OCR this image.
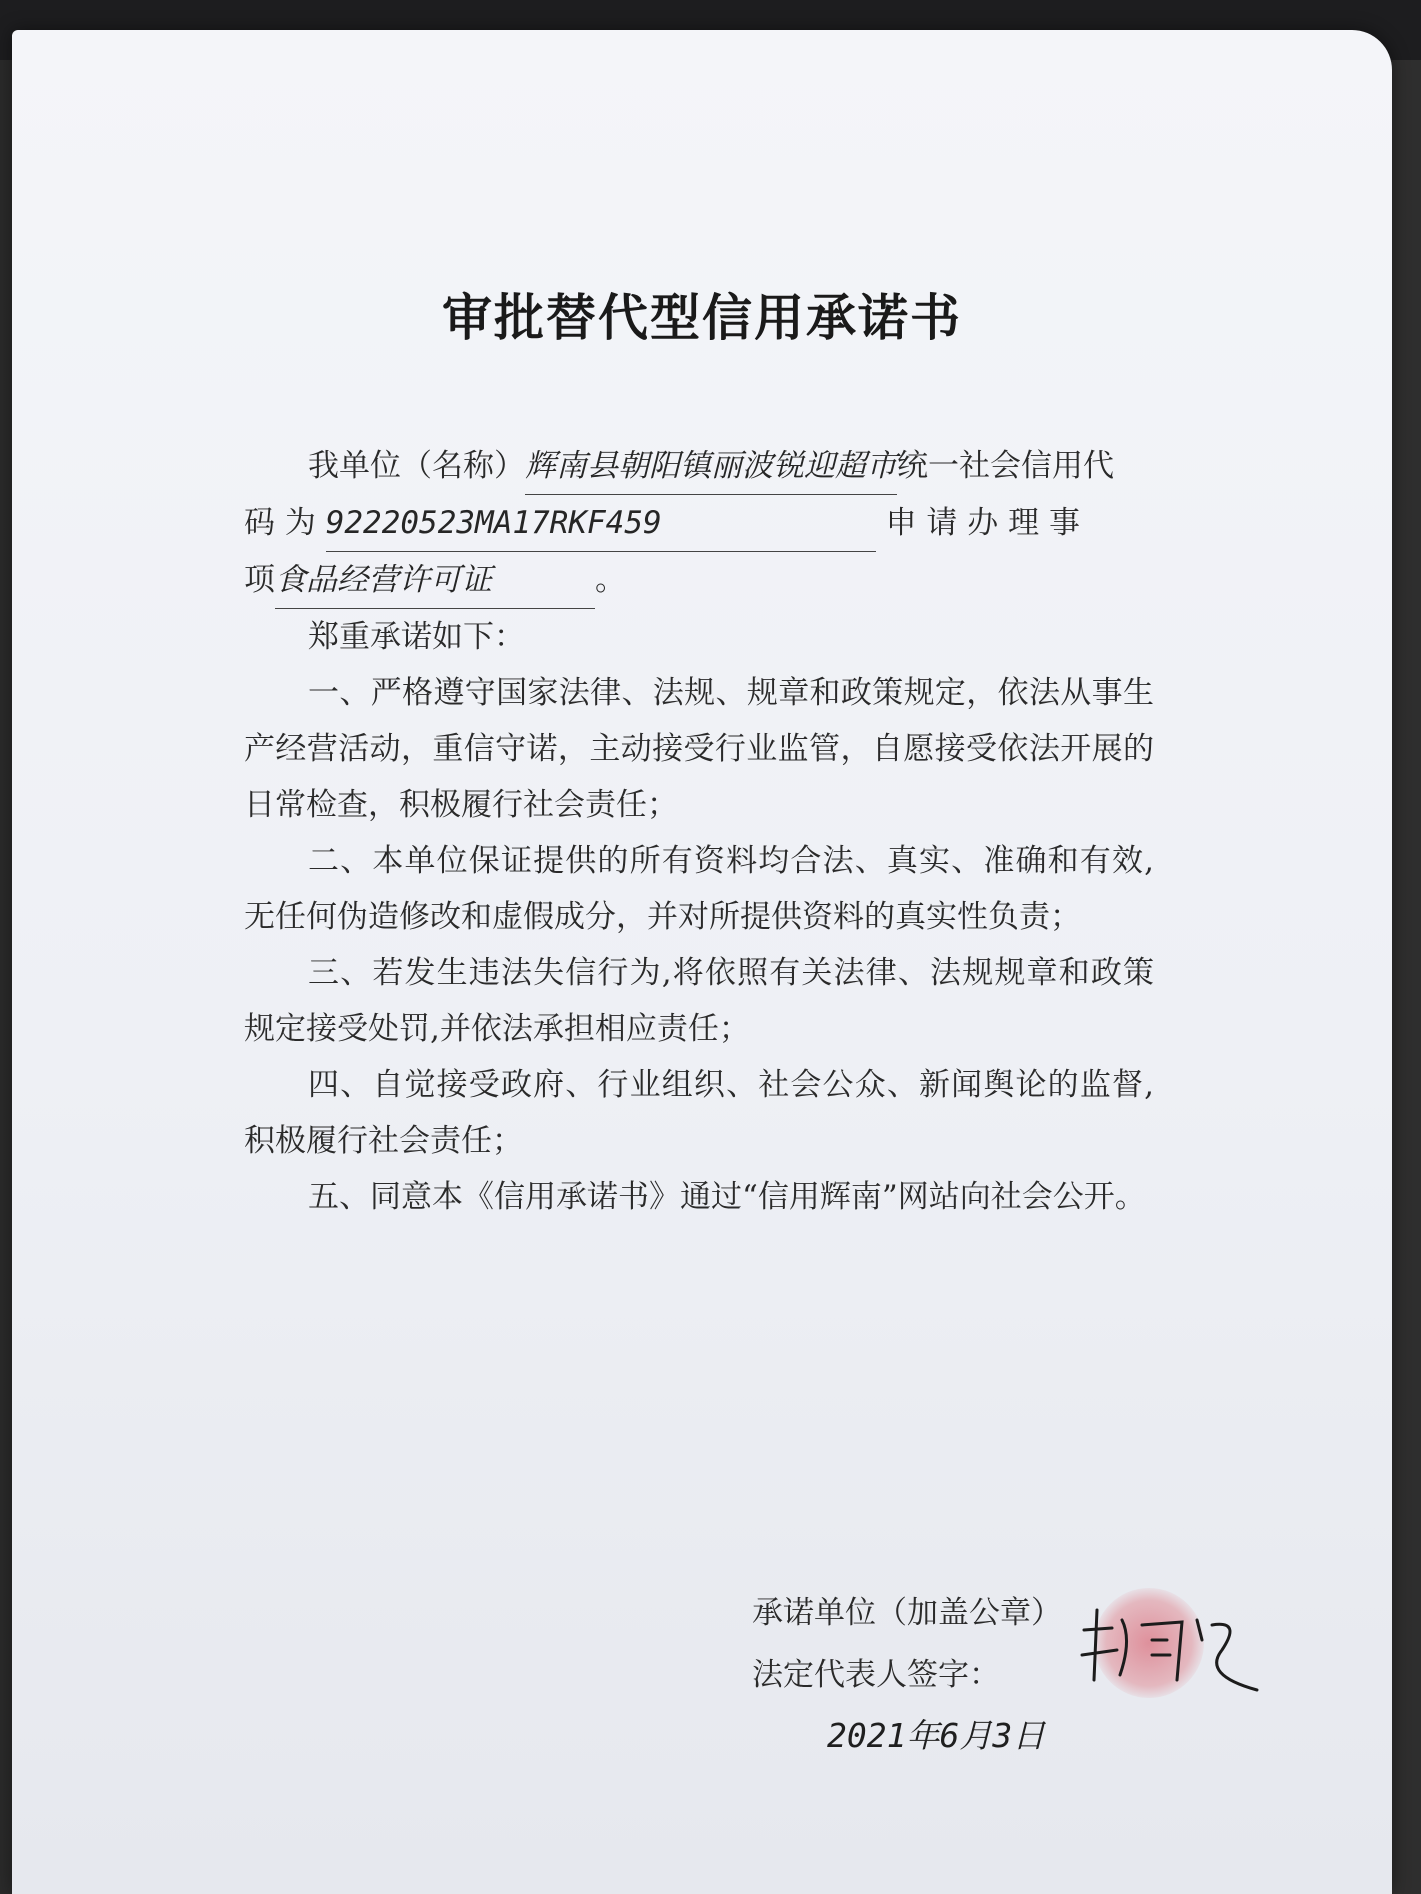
审批替代型信用承诺书

我单位（名称）辉南县朝阳镇丽波锐迎超市统一社会信用代

码 为 92220523MA17RKF459	申 请 办 理 事

项食品经营许可证	。

郑重承诺如下：

一、严格遵守国家法律、法规、规章和政策规定，依法从事生产经营活动，重信守诺，主动接受行业监管，自愿接受依法开展的日常检查，积极履行社会责任；

二、本单位保证提供的所有资料均合法、真实、准确和有效,无任何伪造修改和虚假成分，并对所提供资料的真实性负责；

三、若发生违法失信行为,将依照有关法律、法规规章和政策规定接受处罚,并依法承担相应责任；

四、自觉接受政府、行业组织、社会公众、新闻舆论的监督,积极履行社会责任；

五、同意本《信用承诺书》通过“信用辉南”网站向社会公开。

承诺单位（加盖公章）
法定代表人签字：
2021年6月3日
